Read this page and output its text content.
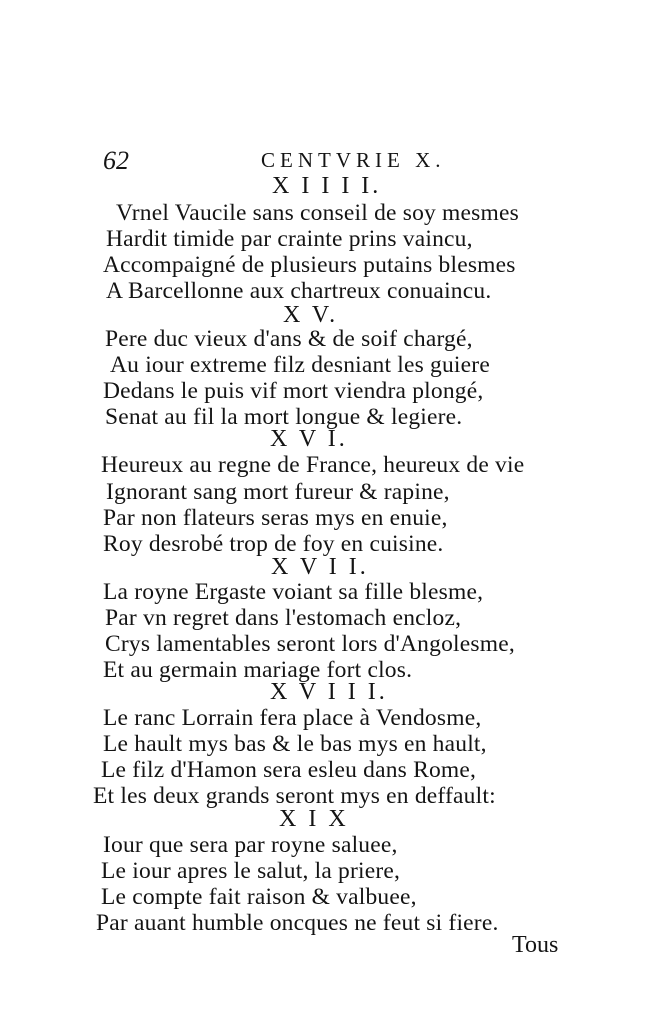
62	CENTVRIE X.
X I I I I.
Vrnel Vaucile sans conseil de soy mesmes
Hardit timide par crainte prins vaincu,
Accompaigné de plusieurs putains blesmes
A Barcellonne aux chartreux conuaincu.
X V.
Pere duc vieux d'ans & de soif chargé,
Au iour extreme filz desniant les guiere
Dedans le puis vif mort viendra plongé,
Senat au fil la mort longue & legiere.
X V I.
Heureux au regne de France, heureux de vie
Ignorant sang mort fureur & rapine,
Par non flateurs seras mys en enuie,
Roy desrobé trop de foy en cuisine.
X V I I.
La royne Ergaste voiant sa fille blesme,
Par vn regret dans l'estomach encloz,
Crys lamentables seront lors d'Angolesme,
Et au germain mariage fort clos.
X V I I I.
Le ranc Lorrain fera place à Vendosme,
Le hault mys bas & le bas mys en hault,
Le filz d'Hamon sera esleu dans Rome,
Et les deux grands seront mys en deffault:
X I X
Iour que sera par royne saluee,
Le iour apres le salut, la priere,
Le compte fait raison & valbuee,
Par auant humble oncques ne feut si fiere.
Tous
